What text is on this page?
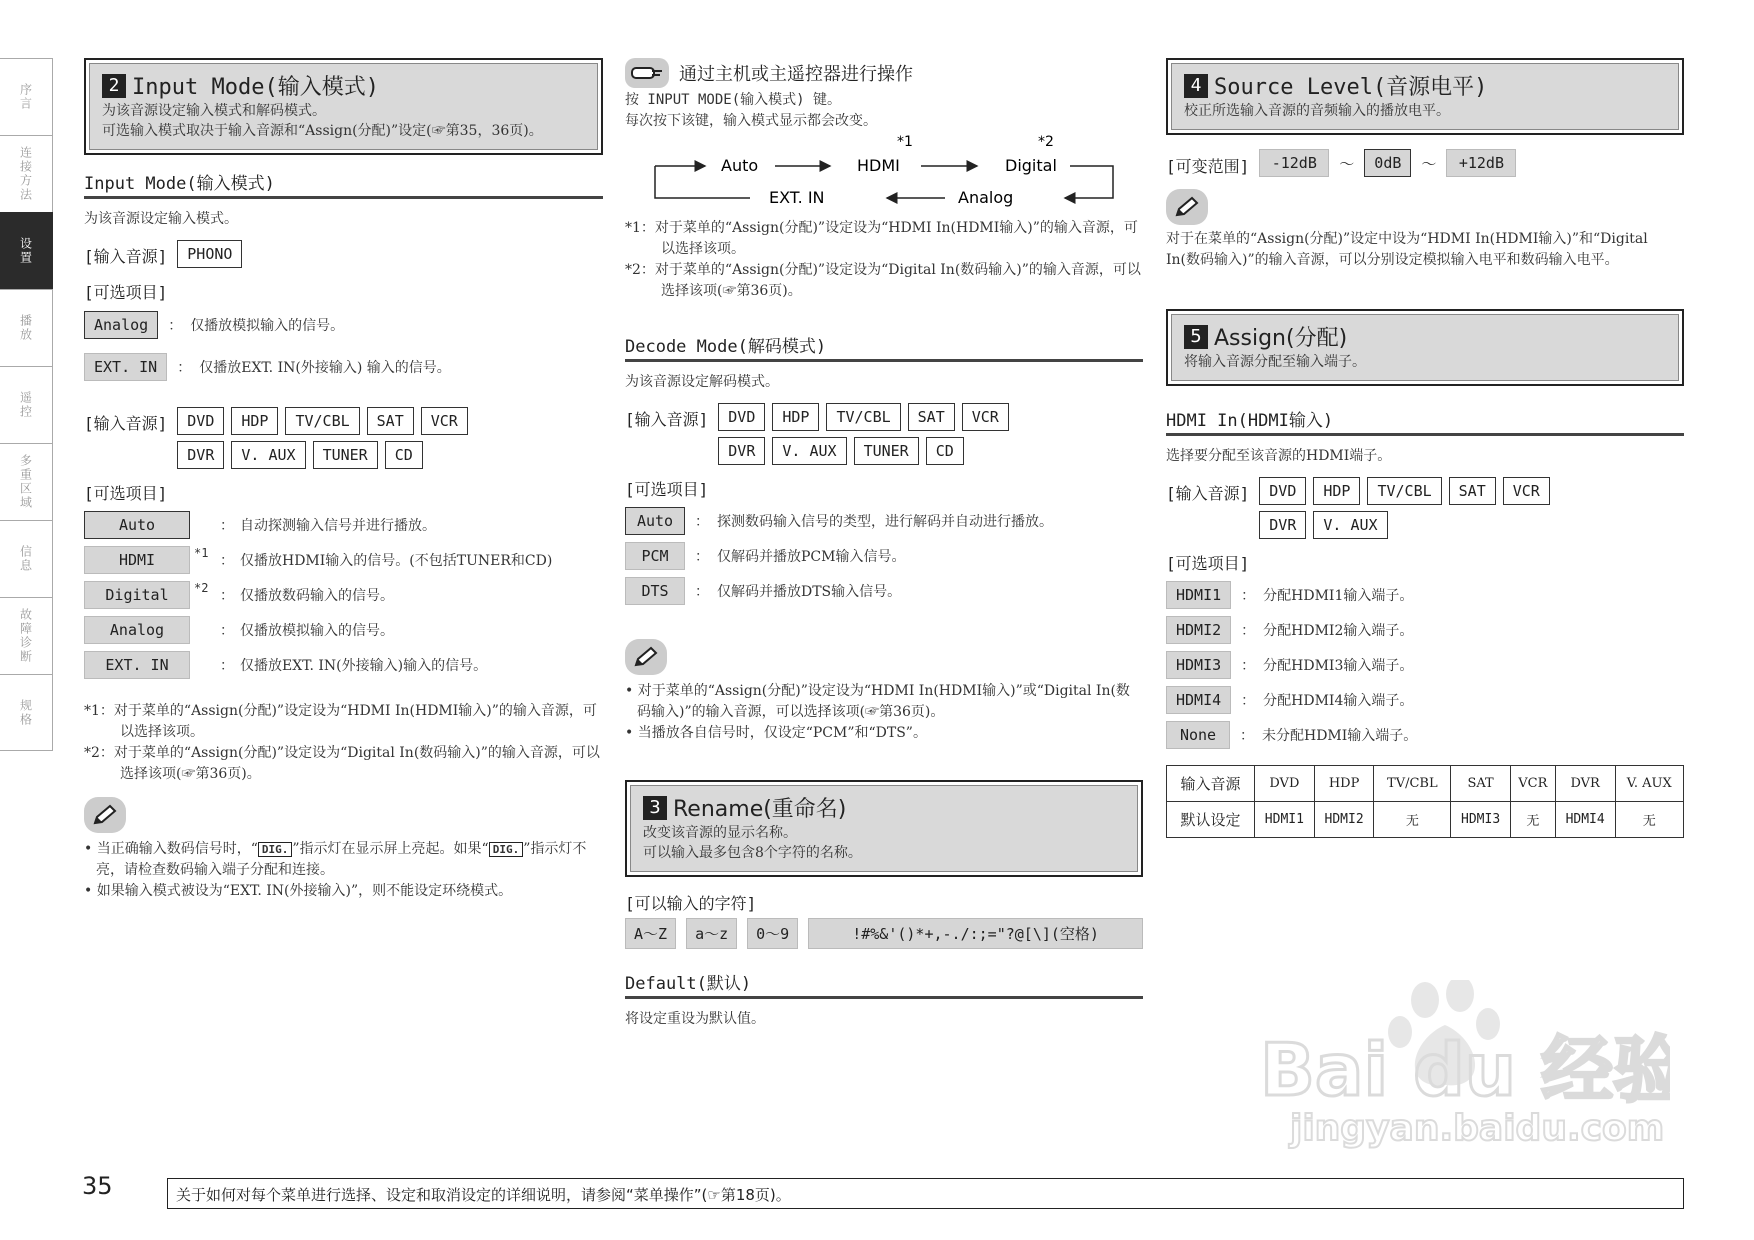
序言
连接方法
设置
播放
遥控
多重区域
信息
故障诊断
规格
2 Input Mode(输入模式)
为该音源设定输入模式和解码模式。
可选输入模式取决于输入音源和“Assign(分配)”设定(☞第35，36页)。
Input Mode(输入模式)
为该音源设定输入模式。
[输入音源]	PHONO
[可选项目]
Analog	： 仅播放模拟输入的信号。
EXT. IN	： 仅播放EXT. IN(外接输入) 输入的信号。
[输入音源]	DVD	HDP	TV/CBL	SAT	VCR
DVR	V. AUX	TUNER	CD
[可选项目]
Auto	： 自动探测输入信号并进行播放。
HDMI	*1 ： 仅播放HDMI输入的信号。(不包括TUNER和CD)
Digital	*2 ： 仅播放数码输入的信号。
Analog	： 仅播放模拟输入的信号。
EXT. IN	： 仅播放EXT. IN(外接输入)输入的信号。
*1：对于菜单的“Assign(分配)”设定设为“HDMI In(HDMI输入)”的输入音源，可以选择该项。
*2：对于菜单的“Assign(分配)”设定设为“Digital In(数码输入)”的输入音源，可以选择该项(☞第36页)。
• 当正确输入数码信号时，“ DIG. ”指示灯在显示屏上亮起。如果“ DIG. ”指示灯不亮，请检查数码输入端子分配和连接。
• 如果输入模式被设为“EXT. IN(外接输入)”，则不能设定环绕模式。
通过主机或主遥控器进行操作
按 INPUT MODE(输入模式) 键。
每次按下该键，输入模式显示都会改变。
*1	*2
Auto	HDMI	Digital
Analog
EXT. IN
*1：对于菜单的“Assign(分配)”设定设为“HDMI In(HDMI输入)”的输入音源，可以选择该项。
*2：对于菜单的“Assign(分配)”设定设为“Digital In(数码输入)”的输入音源，可以选择该项(☞第36页)。
Decode Mode(解码模式)
为该音源设定解码模式。
[输入音源]	DVD	HDP	TV/CBL	SAT	VCR
DVR	V. AUX	TUNER	CD
[可选项目]
Auto	： 探测数码输入信号的类型，进行解码并自动进行播放。
PCM	： 仅解码并播放PCM输入信号。
DTS	： 仅解码并播放DTS输入信号。
• 对于菜单的“Assign(分配)”设定设为“HDMI In(HDMI输入)”或“Digital In(数码输入)”的输入音源，可以选择该项(☞第36页)。
• 当播放各自信号时，仅设定“PCM”和“DTS”。
3 Rename(重命名)
改变该音源的显示名称。
可以输入最多包含8个字符的名称。
[可以输入的字符]
A～Z	a～z	0～9	!#%&'()*+,-./:;="?@[\](空格)
Default(默认)
将设定重设为默认值。
4 Source Level(音源电平)
校正所选输入音源的音频输入的播放电平。
[可变范围]	-12dB	～	0dB	～	+12dB
对于在菜单的“Assign(分配)”设定中设为“HDMI In(HDMI输入)”和“Digital In(数码输入)”的输入音源，可以分别设定模拟输入电平和数码输入电平。
5 Assign(分配)
将输入音源分配至输入端子。
HDMI In(HDMI输入)
选择要分配至该音源的HDMI端子。
[输入音源]	DVD	HDP	TV/CBL	SAT	VCR
DVR	V. AUX
[可选项目]
HDMI1	： 分配HDMI1输入端子。
HDMI2	： 分配HDMI2输入端子。
HDMI3	： 分配HDMI3输入端子。
HDMI4	： 分配HDMI4输入端子。
None	： 未分配HDMI输入端子。
输入音源	DVD	HDP	TV/CBL	SAT	VCR	DVR	V. AUX
默认设定	HDMI1	HDMI2	无	HDMI3	无	HDMI4	无
Bai du 经验
jingyan.baidu.com
35	关于如何对每个菜单进行选择、设定和取消设定的详细说明，请参阅“菜单操作”(☞第18页)。
